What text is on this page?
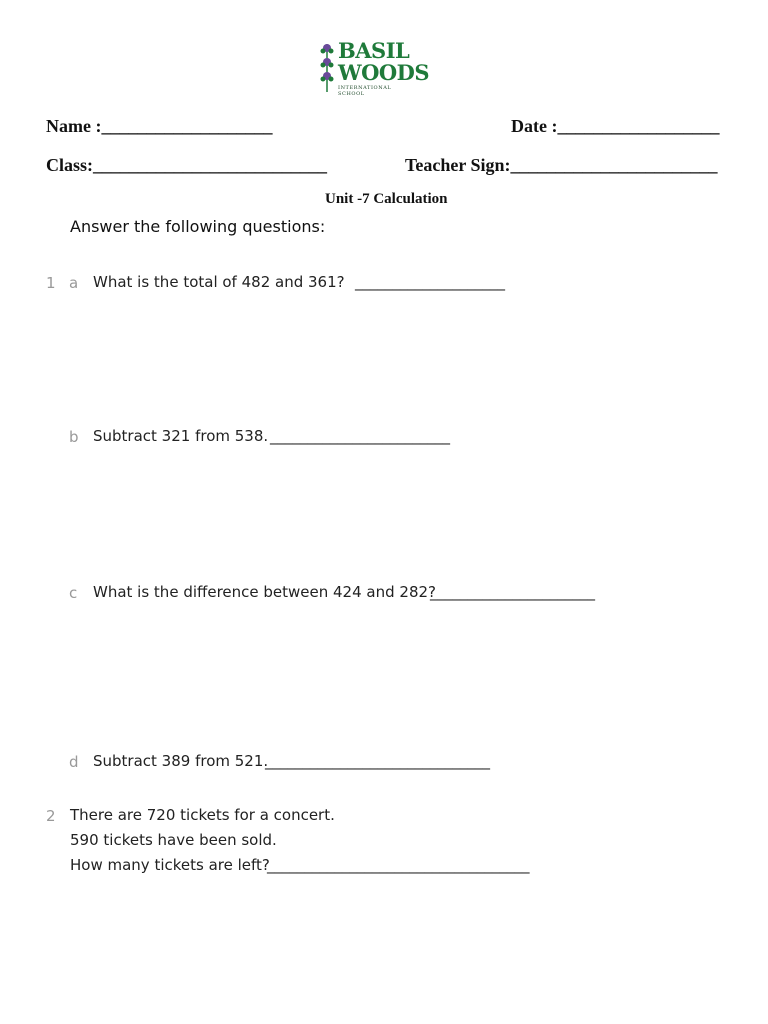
BASIL
WOODS
INTERNATIONAL SCHOOL
Name :___________________	Date :__________________
Class:__________________________	Teacher Sign:_______________________
Unit -7 Calculation
Answer the following questions:
1 a What is the total of 482 and 361? ____________________
b Subtract 321 from 538. ________________________
c What is the difference between 424 and 282?
______________________
d Subtract 389 from 521.
______________________________
2 There are 720 tickets for a concert.
590 tickets have been sold.
How many tickets are left?
___________________________________
